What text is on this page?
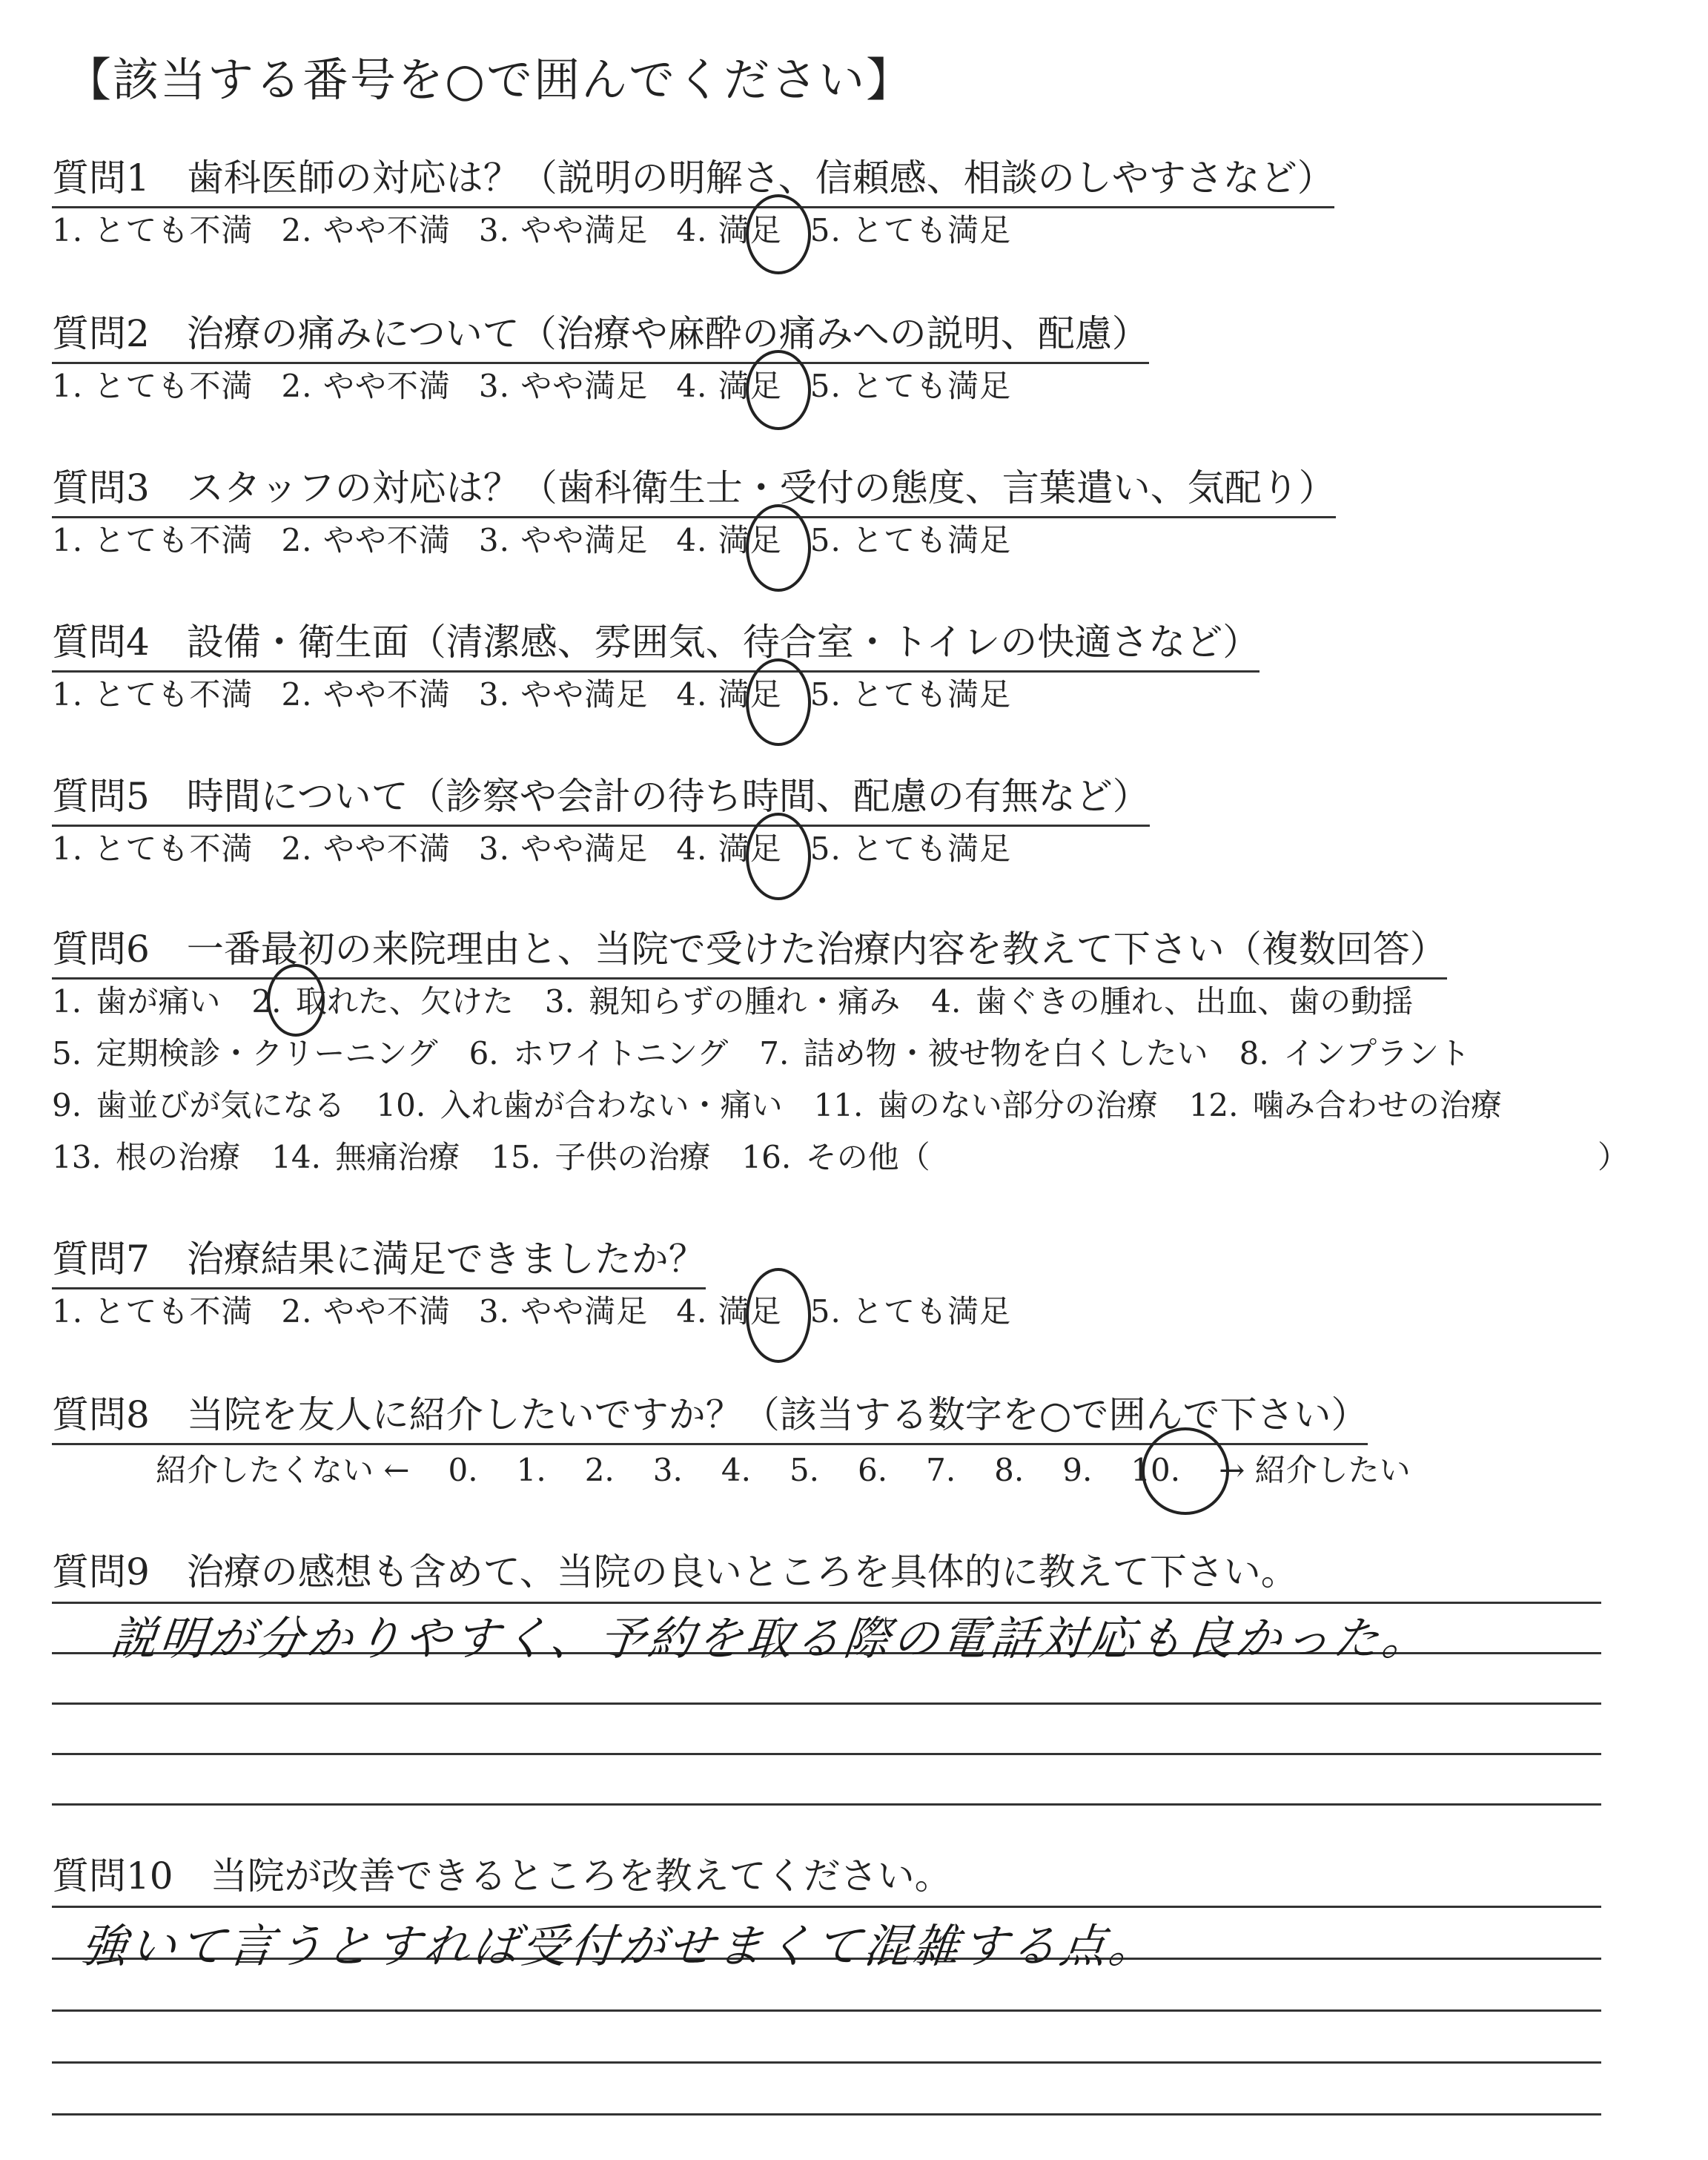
【該当する番号を○で囲んでください】
質問1　歯科医師の対応は？（説明の明解さ、信頼感、相談のしやすさなど）
1. とても不満 2. やや不満 3. やや満足 4. 満足 5. とても満足
質問2　治療の痛みについて（治療や麻酔の痛みへの説明、配慮）
1. とても不満 2. やや不満 3. やや満足 4. 満足 5. とても満足
質問3　スタッフの対応は？（歯科衛生士・受付の態度、言葉遣い、気配り）
1. とても不満 2. やや不満 3. やや満足 4. 満足 5. とても満足
質問4　設備・衛生面（清潔感、雰囲気、待合室・トイレの快適さなど）
1. とても不満 2. やや不満 3. やや満足 4. 満足 5. とても満足
質問5　時間について（診察や会計の待ち時間、配慮の有無など）
1. とても不満 2. やや不満 3. やや満足 4. 満足 5. とても満足
質問6　一番最初の来院理由と、当院で受けた治療内容を教えて下さい（複数回答）
1. 歯が痛い　2. 取れた、欠けた　3. 親知らずの腫れ・痛み　4. 歯ぐきの腫れ、出血、歯の動揺
5. 定期検診・クリーニング　6. ホワイトニング　7. 詰め物・被せ物を白くしたい　8. インプラント
9. 歯並びが気になる　10. 入れ歯が合わない・痛い　11. 歯のない部分の治療　12. 噛み合わせの治療
13. 根の治療　14. 無痛治療　15. 子供の治療　16. その他（	）
質問7　治療結果に満足できましたか？
1. とても不満 2. やや不満 3. やや満足 4. 満足 5. とても満足
質問8　当院を友人に紹介したいですか？（該当する数字を○で囲んで下さい）
紹介したくない ← 0. 1. 2. 3. 4. 5. 6. 7. 8. 9. 10. → 紹介したい
質問9　治療の感想も含めて、当院の良いところを具体的に教えて下さい。
説明が分かりやすく、予約を取る際の電話対応も良かった。
質問10　当院が改善できるところを教えてください。
強いて言うとすれば受付がせまくて混雑する点。
